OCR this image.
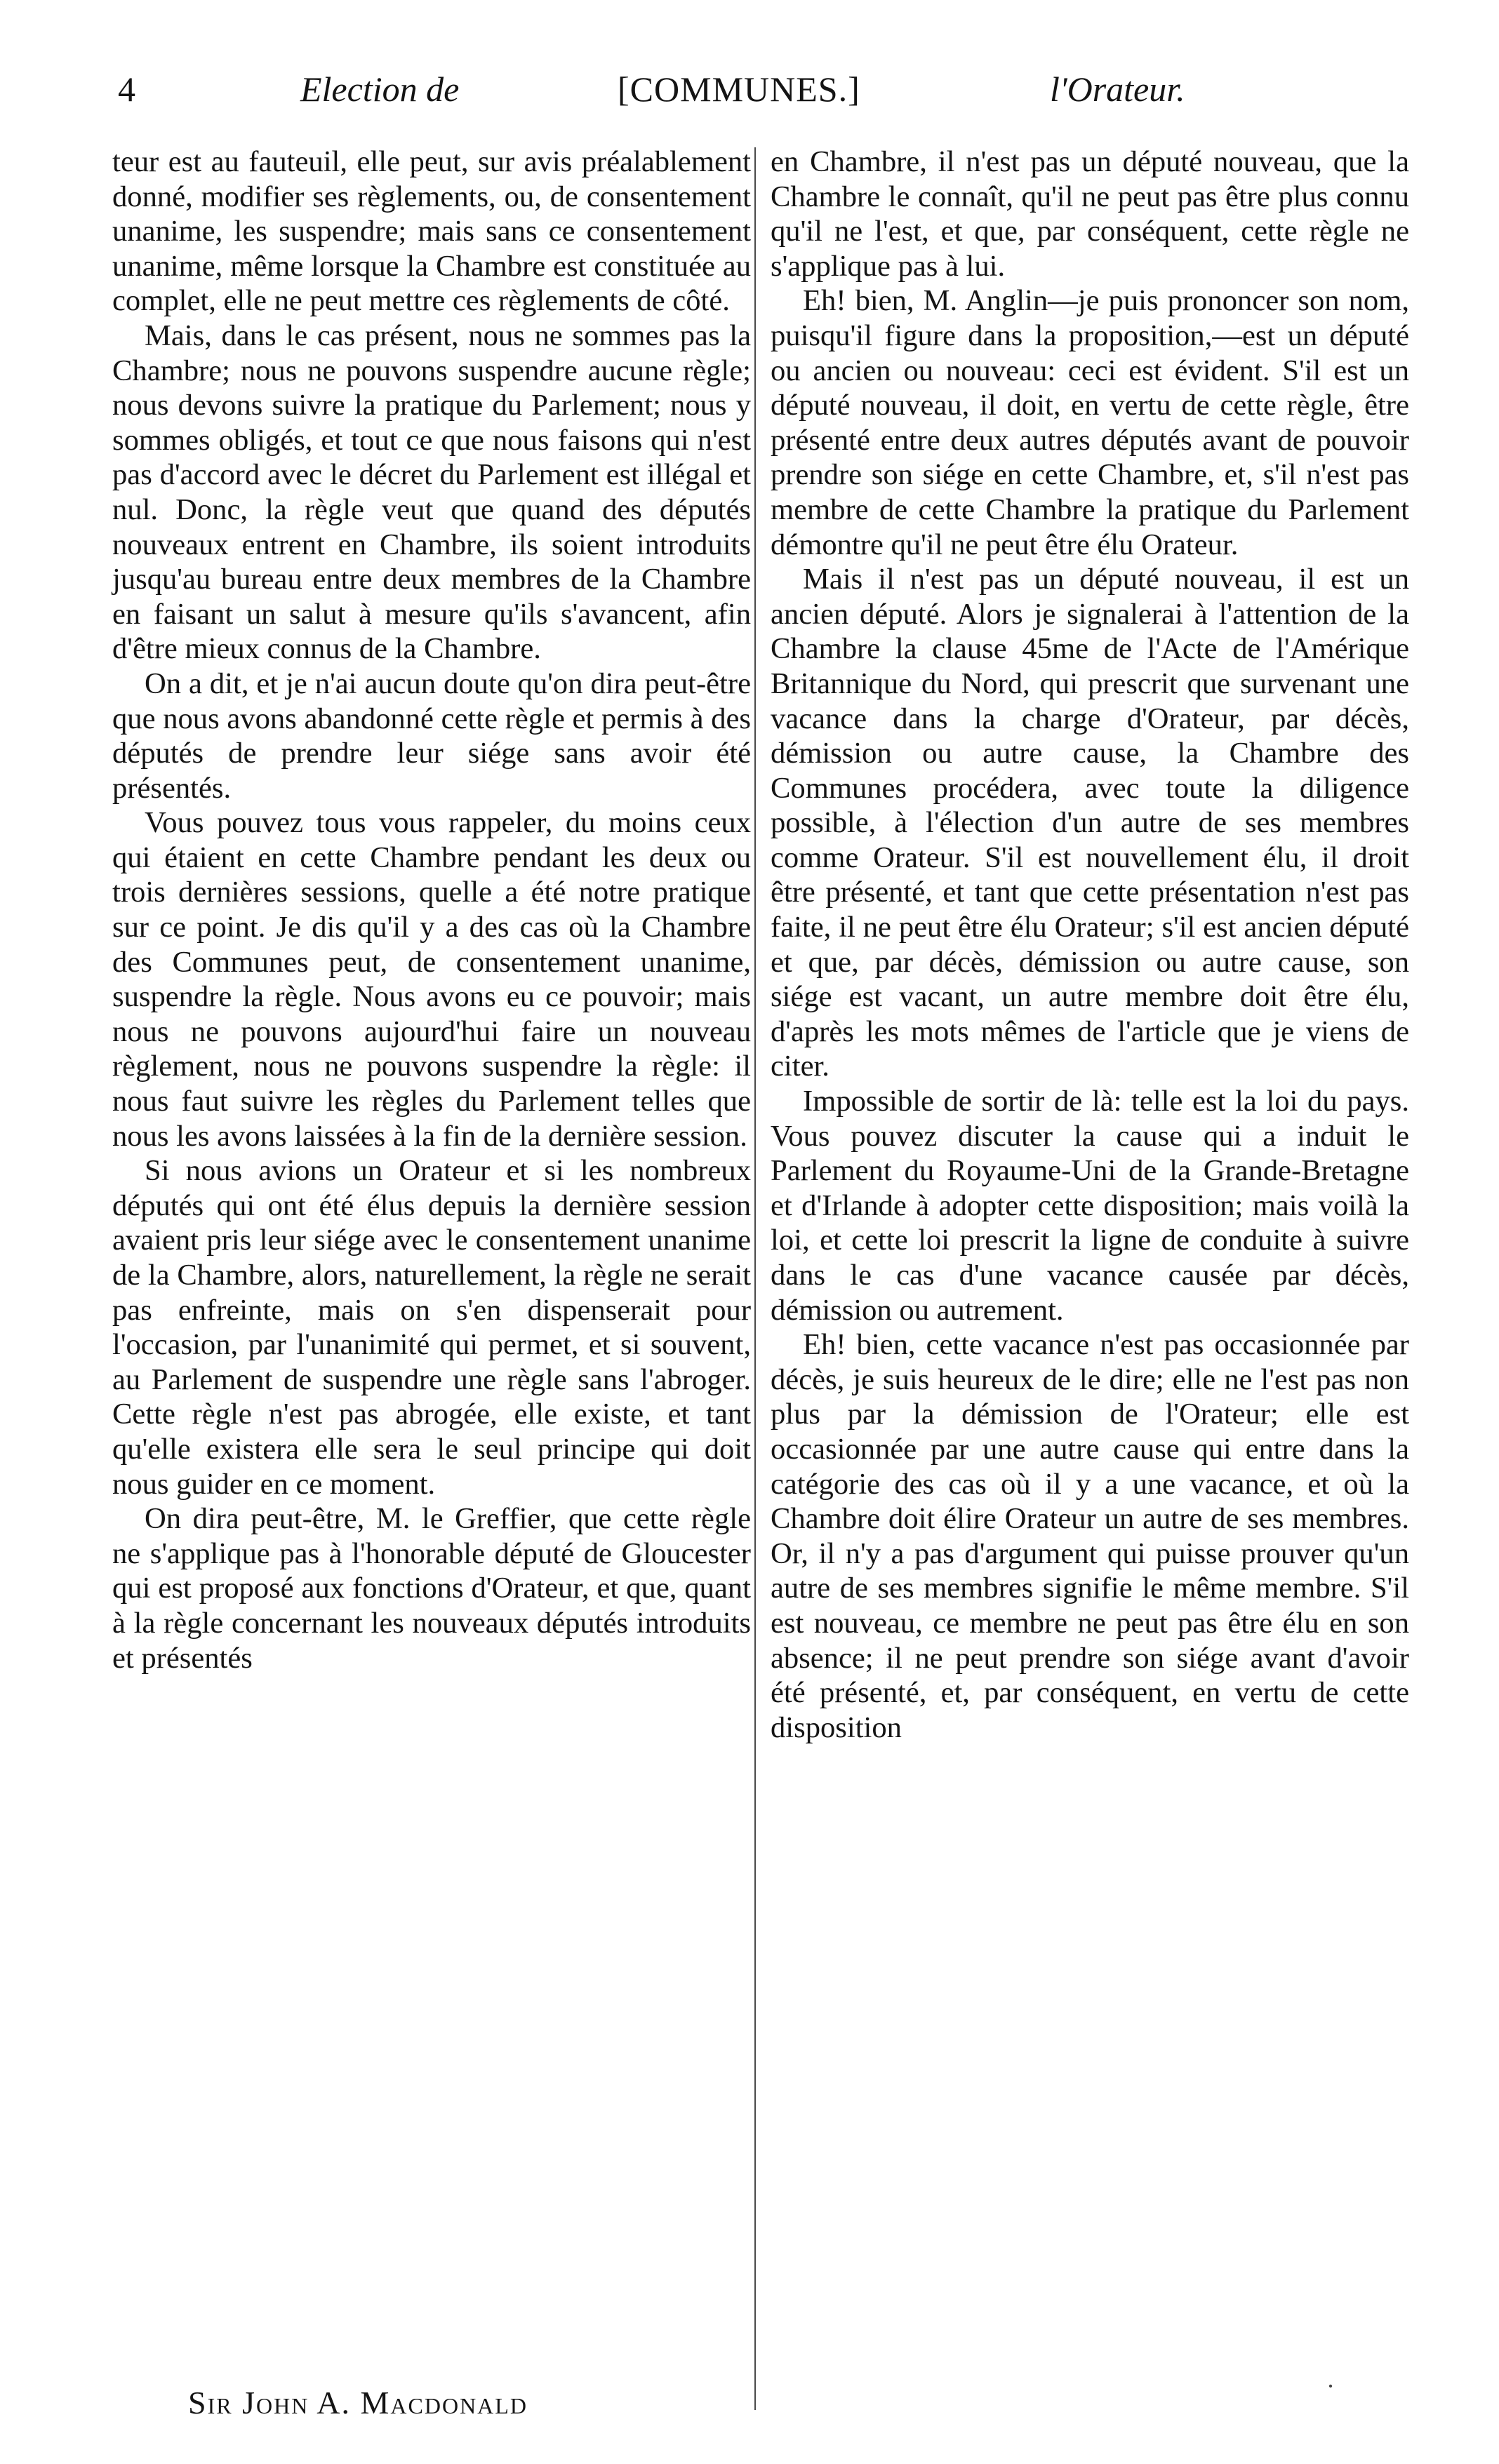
4	Election de	[COMMUNES.]	l'Orateur.

teur est au fauteuil, elle peut, sur avis préalablement donné, modifier ses règlements, ou, de consentement unanime, les suspendre; mais sans ce consentement unanime, même lorsque la Chambre est constituée au complet, elle ne peut mettre ces règlements de côté.

Mais, dans le cas présent, nous ne sommes pas la Chambre; nous ne pouvons suspendre aucune règle; nous devons suivre la pratique du Parlement; nous y sommes obligés, et tout ce que nous faisons qui n'est pas d'accord avec le décret du Parlement est illégal et nul. Donc, la règle veut que quand des députés nouveaux entrent en Chambre, ils soient introduits jusqu'au bureau entre deux membres de la Chambre en faisant un salut à mesure qu'ils s'avancent, afin d'être mieux connus de la Chambre.

On a dit, et je n'ai aucun doute qu'on dira peut-être que nous avons abandonné cette règle et permis à des députés de prendre leur siége sans avoir été présentés.

Vous pouvez tous vous rappeler, du moins ceux qui étaient en cette Chambre pendant les deux ou trois dernières sessions, quelle a été notre pratique sur ce point. Je dis qu'il y a des cas où la Chambre des Communes peut, de consentement unanime, suspendre la règle. Nous avons eu ce pouvoir; mais nous ne pouvons aujourd'hui faire un nouveau règlement, nous ne pouvons suspendre la règle: il nous faut suivre les règles du Parlement telles que nous les avons laissées à la fin de la dernière session.

Si nous avions un Orateur et si les nombreux députés qui ont été élus depuis la dernière session avaient pris leur siége avec le consentement unanime de la Chambre, alors, naturellement, la règle ne serait pas enfreinte, mais on s'en dispenserait pour l'occasion, par l'unanimité qui permet, et si souvent, au Parlement de suspendre une règle sans l'abroger. Cette règle n'est pas abrogée, elle existe, et tant qu'elle existera elle sera le seul principe qui doit nous guider en ce moment.

On dira peut-être, M. le Greffier, que cette règle ne s'applique pas à l'honorable député de Gloucester qui est proposé aux fonctions d'Orateur, et que, quant à la règle concernant les nouveaux députés introduits et présentés

en Chambre, il n'est pas un député nouveau, que la Chambre le connaît, qu'il ne peut pas être plus connu qu'il ne l'est, et que, par conséquent, cette règle ne s'applique pas à lui.

Eh! bien, M. Anglin—je puis prononcer son nom, puisqu'il figure dans la proposition,—est un député ou ancien ou nouveau: ceci est évident. S'il est un député nouveau, il doit, en vertu de cette règle, être présenté entre deux autres députés avant de pouvoir prendre son siége en cette Chambre, et, s'il n'est pas membre de cette Chambre la pratique du Parlement démontre qu'il ne peut être élu Orateur.

Mais il n'est pas un député nouveau, il est un ancien député. Alors je signalerai à l'attention de la Chambre la clause 45me de l'Acte de l'Amérique Britannique du Nord, qui prescrit que survenant une vacance dans la charge d'Orateur, par décès, démission ou autre cause, la Chambre des Communes procédera, avec toute la diligence possible, à l'élection d'un autre de ses membres comme Orateur. S'il est nouvellement élu, il droit être présenté, et tant que cette présentation n'est pas faite, il ne peut être élu Orateur; s'il est ancien député et que, par décès, démission ou autre cause, son siége est vacant, un autre membre doit être élu, d'après les mots mêmes de l'article que je viens de citer.

Impossible de sortir de là: telle est la loi du pays. Vous pouvez discuter la cause qui a induit le Parlement du Royaume-Uni de la Grande-Bretagne et d'Irlande à adopter cette disposition; mais voilà la loi, et cette loi prescrit la ligne de conduite à suivre dans le cas d'une vacance causée par décès, démission ou autrement.

Eh! bien, cette vacance n'est pas occasionnée par décès, je suis heureux de le dire; elle ne l'est pas non plus par la démission de l'Orateur; elle est occasionnée par une autre cause qui entre dans la catégorie des cas où il y a une vacance, et où la Chambre doit élire Orateur un autre de ses membres. Or, il n'y a pas d'argument qui puisse prouver qu'un autre de ses membres signifie le même membre. S'il est nouveau, ce membre ne peut pas être élu en son absence; il ne peut prendre son siége avant d'avoir été présenté, et, par conséquent, en vertu de cette disposition

Sir John A. Macdonald	·
